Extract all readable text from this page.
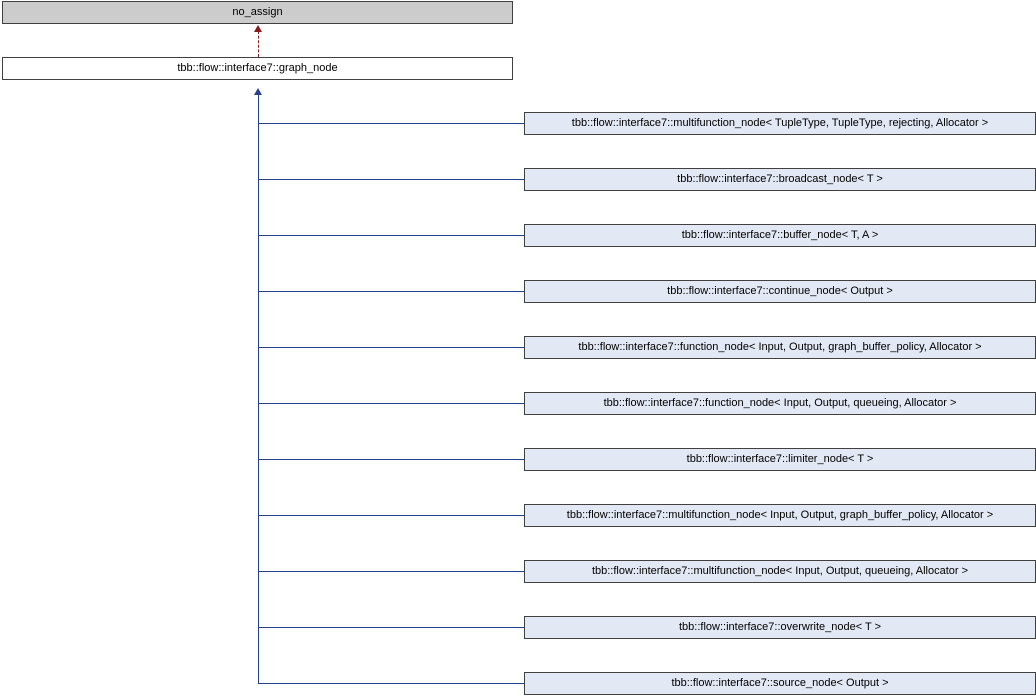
no_assign
tbb::flow::interface7::graph_node
tbb::flow::interface7::multifunction_node< TupleType, TupleType, rejecting, Allocator >
tbb::flow::interface7::broadcast_node< T >
tbb::flow::interface7::buffer_node< T, A >
tbb::flow::interface7::continue_node< Output >
tbb::flow::interface7::function_node< Input, Output, graph_buffer_policy, Allocator >
tbb::flow::interface7::function_node< Input, Output, queueing, Allocator >
tbb::flow::interface7::limiter_node< T >
tbb::flow::interface7::multifunction_node< Input, Output, graph_buffer_policy, Allocator >
tbb::flow::interface7::multifunction_node< Input, Output, queueing, Allocator >
tbb::flow::interface7::overwrite_node< T >
tbb::flow::interface7::source_node< Output >
